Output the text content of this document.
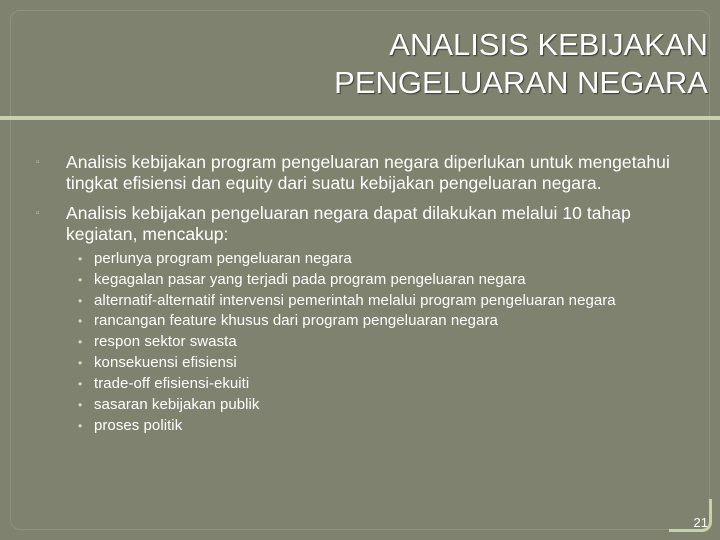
ANALISIS KEBIJAKAN
PENGELUARAN NEGARA
▫ Analisis kebijakan program pengeluaran negara diperlukan untuk mengetahui tingkat efisiensi dan equity dari suatu kebijakan pengeluaran negara.
▫ Analisis kebijakan pengeluaran negara dapat dilakukan melalui 10 tahap kegiatan, mencakup:
• perlunya program pengeluaran negara
• kegagalan pasar yang terjadi pada program pengeluaran negara
• alternatif-alternatif intervensi pemerintah melalui program pengeluaran negara
• rancangan feature khusus dari program pengeluaran negara
• respon sektor swasta
• konsekuensi efisiensi
• trade-off efisiensi-ekuiti
• sasaran kebijakan publik
• proses politik
21
